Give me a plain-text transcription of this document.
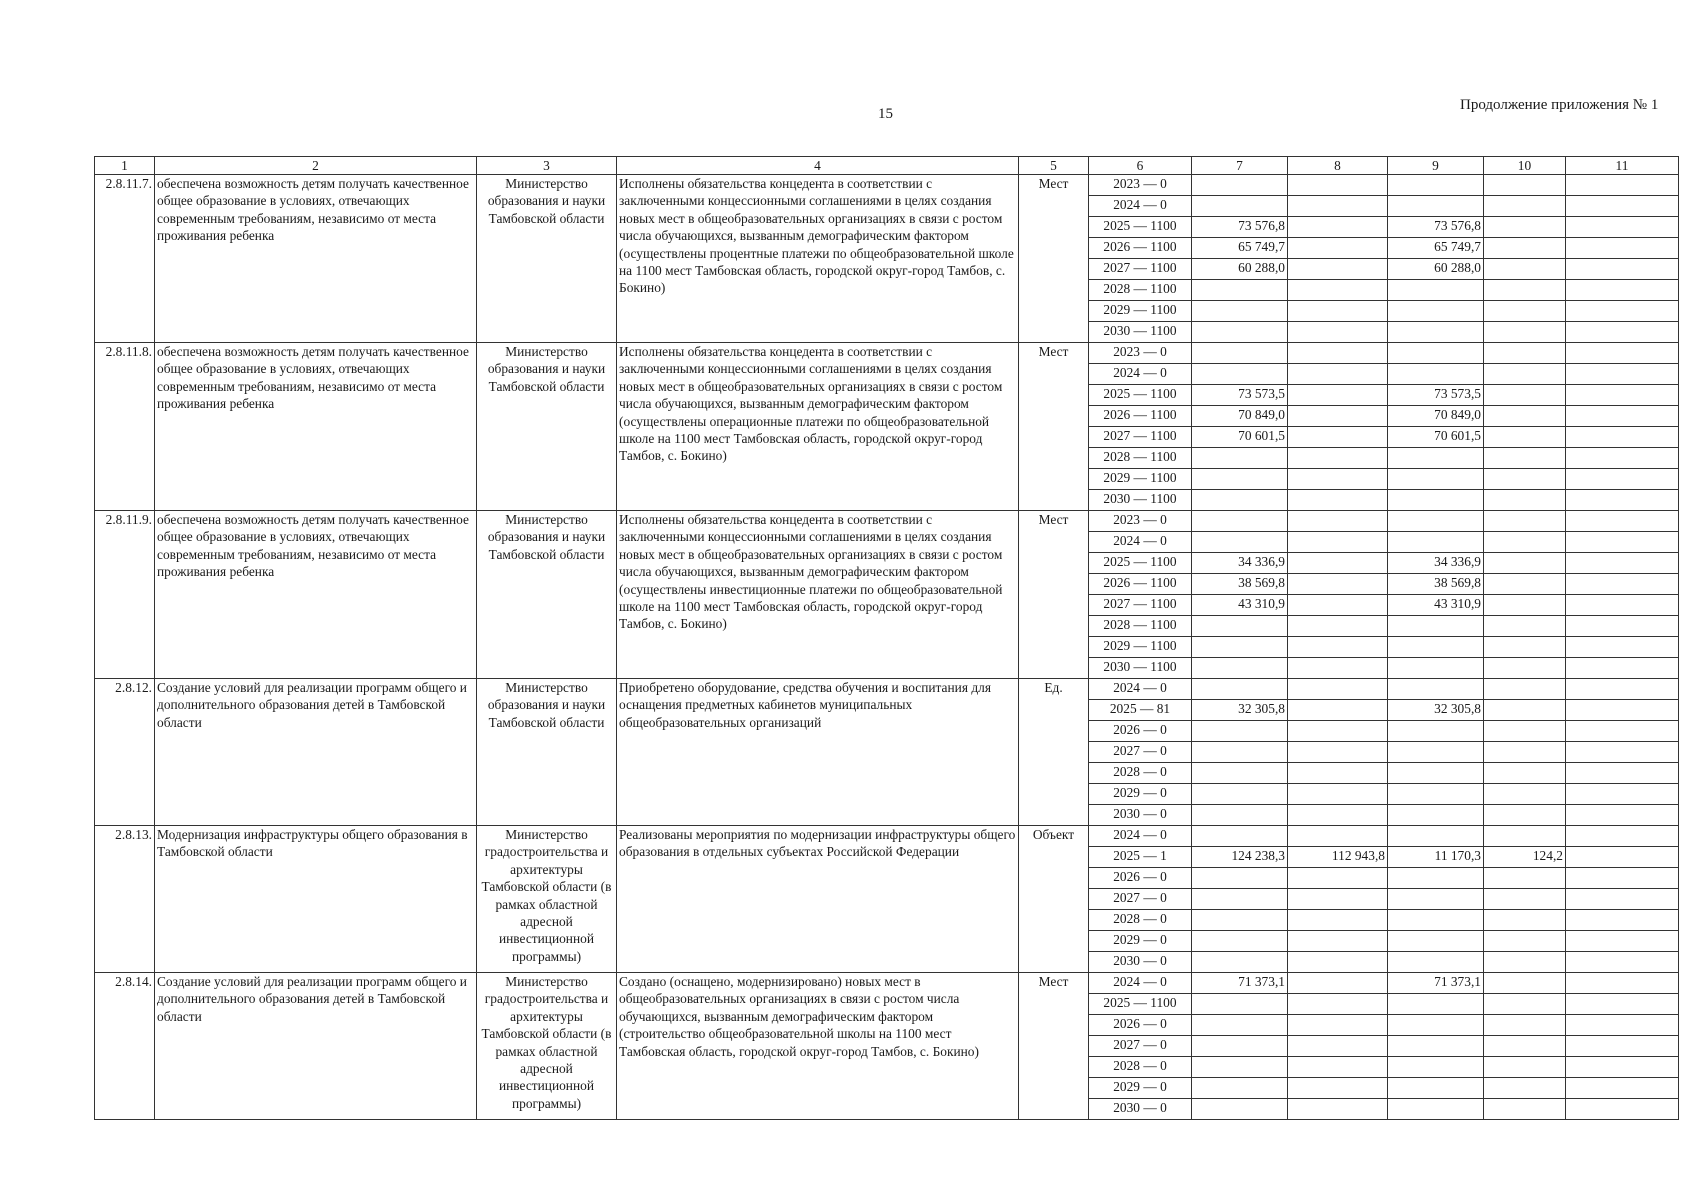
15
Продолжение приложения № 1
1	2	3	4	5	6	7	8	9	10	11
2.8.11.7.	обеспечена возможность детям получать качественное общее образование в условиях, отвечающих современным требованиям, независимо от места проживания ребенка	Министерство образования и науки Тамбовской области	Исполнены обязательства концедента в соответствии с заключенными концессионными соглашениями в целях создания новых мест в общеобразовательных организациях в связи с ростом числа обучающихся, вызванным демографическим фактором (осуществлены процентные платежи по общеобразовательной школе на 1100 мест Тамбовская область, городской округ-город Тамбов, с. Бокино)	Мест	2023 — 0					
					2024 — 0					
					2025 — 1100	73 576,8		73 576,8		
					2026 — 1100	65 749,7		65 749,7		
					2027 — 1100	60 288,0		60 288,0		
					2028 — 1100					
					2029 — 1100					
					2030 — 1100					
2.8.11.8.	обеспечена возможность детям получать качественное общее образование в условиях, отвечающих современным требованиям, независимо от места проживания ребенка	Министерство образования и науки Тамбовской области	Исполнены обязательства концедента в соответствии с заключенными концессионными соглашениями в целях создания новых мест в общеобразовательных организациях в связи с ростом числа обучающихся, вызванным демографическим фактором (осуществлены операционные платежи по общеобразовательной школе на 1100 мест Тамбовская область, городской округ-город Тамбов, с. Бокино)	Мест	2023 — 0					
					2024 — 0					
					2025 — 1100	73 573,5		73 573,5		
					2026 — 1100	70 849,0		70 849,0		
					2027 — 1100	70 601,5		70 601,5		
					2028 — 1100					
					2029 — 1100					
					2030 — 1100					
2.8.11.9.	обеспечена возможность детям получать качественное общее образование в условиях, отвечающих современным требованиям, независимо от места проживания ребенка	Министерство образования и науки Тамбовской области	Исполнены обязательства концедента в соответствии с заключенными концессионными соглашениями в целях создания новых мест в общеобразовательных организациях в связи с ростом числа обучающихся, вызванным демографическим фактором (осуществлены инвестиционные платежи по общеобразовательной школе на 1100 мест Тамбовская область, городской округ-город Тамбов, с. Бокино)	Мест	2023 — 0					
					2024 — 0					
					2025 — 1100	34 336,9		34 336,9		
					2026 — 1100	38 569,8		38 569,8		
					2027 — 1100	43 310,9		43 310,9		
					2028 — 1100					
					2029 — 1100					
					2030 — 1100					
2.8.12.	Создание условий для реализации программ общего и дополнительного образования детей в Тамбовской области	Министерство образования и науки Тамбовской области	Приобретено оборудование, средства обучения и воспитания для оснащения предметных кабинетов муниципальных общеобразовательных организаций	Ед.	2024 — 0					
					2025 — 81	32 305,8		32 305,8		
					2026 — 0					
					2027 — 0					
					2028 — 0					
					2029 — 0					
					2030 — 0					
2.8.13.	Модернизация инфраструктуры общего образования в Тамбовской области	Министерство градостроительства и архитектуры Тамбовской области (в рамках областной адресной инвестиционной программы)	Реализованы мероприятия по модернизации инфраструктуры общего образования в отдельных субъектах Российской Федерации	Объект	2024 — 0					
					2025 — 1	124 238,3	112 943,8	11 170,3	124,2	
					2026 — 0					
					2027 — 0					
					2028 — 0					
					2029 — 0					
					2030 — 0					
2.8.14.	Создание условий для реализации программ общего и дополнительного образования детей в Тамбовской области	Министерство градостроительства и архитектуры Тамбовской области (в рамках областной адресной инвестиционной программы)	Создано (оснащено, модернизировано) новых мест в общеобразовательных организациях в связи с ростом числа обучающихся, вызванным демографическим фактором (строительство общеобразовательной школы на 1100 мест Тамбовская область, городской округ-город Тамбов, с. Бокино)	Мест	2024 — 0	71 373,1		71 373,1		
					2025 — 1100					
					2026 — 0					
					2027 — 0					
					2028 — 0					
					2029 — 0					
					2030 — 0					
